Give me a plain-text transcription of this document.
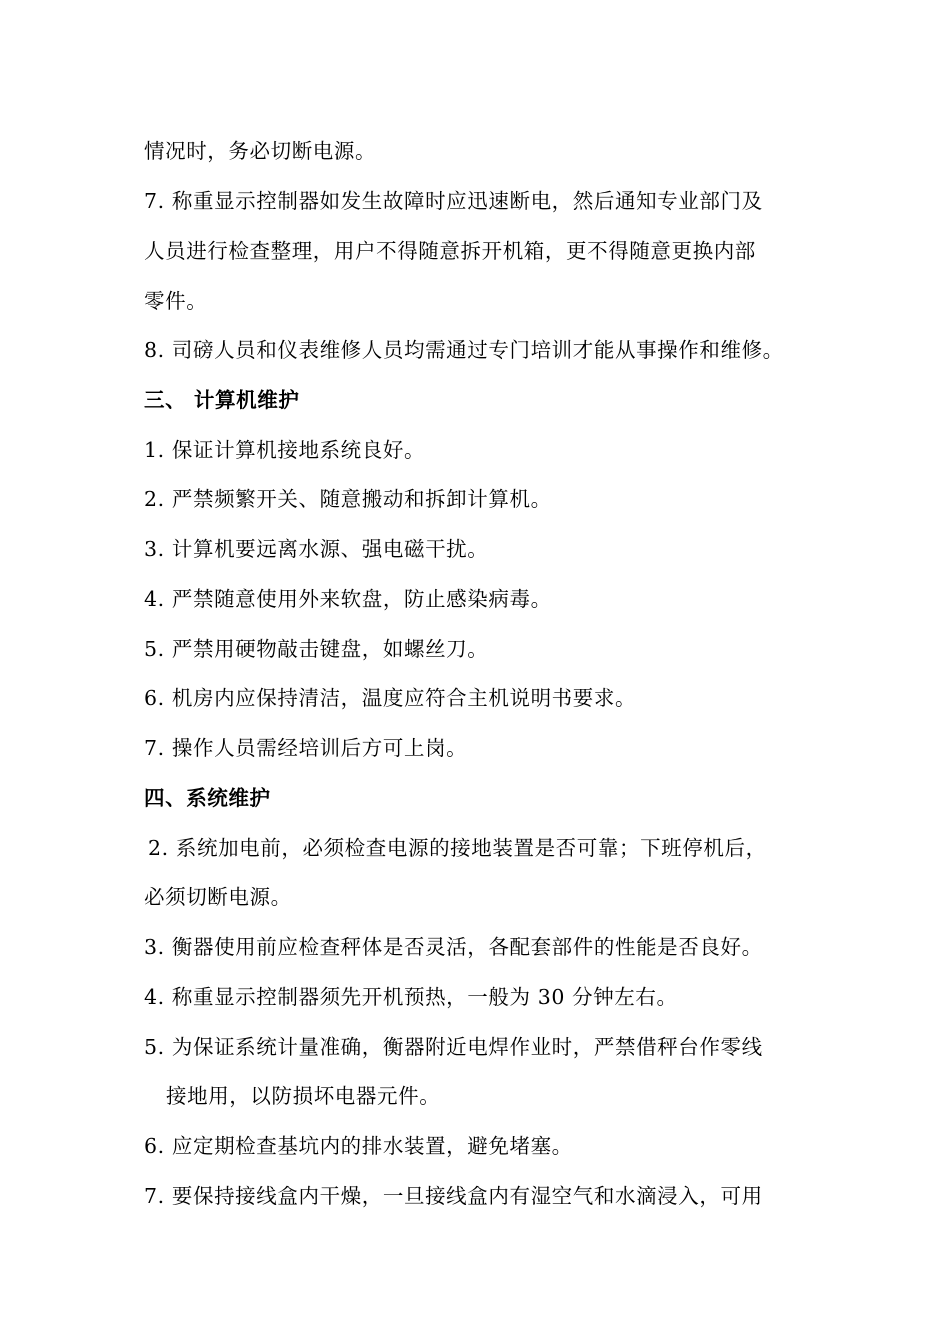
情况时，务必切断电源。
7. 称重显示控制器如发生故障时应迅速断电，然后通知专业部门及
人员进行检查整理，用户不得随意拆开机箱，更不得随意更换内部
零件。
8. 司磅人员和仪表维修人员均需通过专门培训才能从事操作和维修。
三、 计算机维护
1. 保证计算机接地系统良好。
2. 严禁频繁开关、随意搬动和拆卸计算机。
3. 计算机要远离水源、强电磁干扰。
4. 严禁随意使用外来软盘，防止感染病毒。
5. 严禁用硬物敲击键盘，如螺丝刀。
6. 机房内应保持清洁，温度应符合主机说明书要求。
7. 操作人员需经培训后方可上岗。
四、系统维护
2. 系统加电前，必须检查电源的接地装置是否可靠；下班停机后，
必须切断电源。
3. 衡器使用前应检查秤体是否灵活，各配套部件的性能是否良好。
4. 称重显示控制器须先开机预热，一般为 30 分钟左右。
5. 为保证系统计量准确，衡器附近电焊作业时，严禁借秤台作零线
接地用，以防损坏电器元件。
6. 应定期检查基坑内的排水装置，避免堵塞。
7. 要保持接线盒内干燥，一旦接线盒内有湿空气和水滴浸入，可用
